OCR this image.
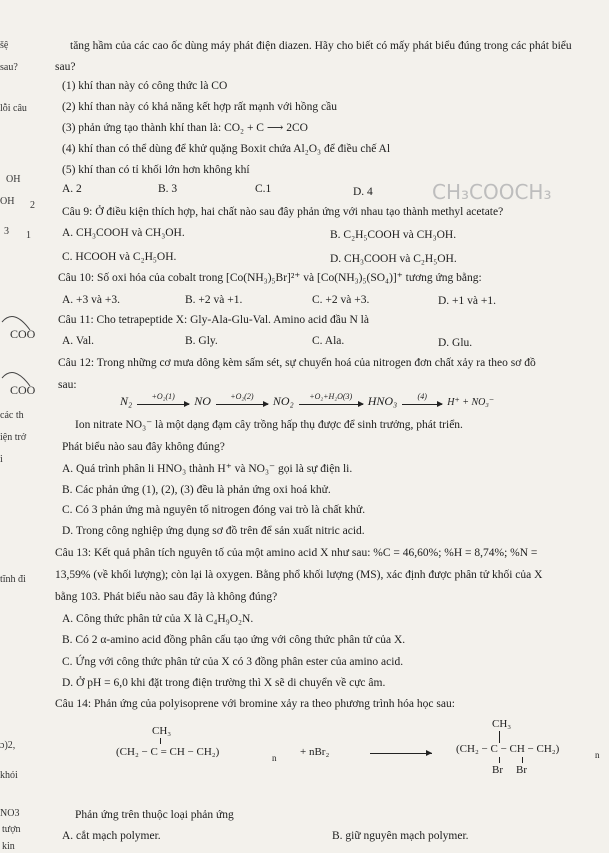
šệ
sau?
lỗi câu
OH
OH 2
3 1
COO
COO
các th
iện trở
i
tĩnh đi
ɔ)2,
khói
NO3
tượn
kin
tăng hầm của các cao ốc dùng máy phát điện diazen. Hãy cho biết có mấy phát biểu đúng trong các phát biểu
sau?
(1) khí than này có công thức là CO
(2) khí than này có khả năng kết hợp rất mạnh với hồng cầu
(3) phản ứng tạo thành khí than là: CO₂ + C ⟶ 2CO
(4) khí than có thể dùng để khử quặng Boxit chứa Al₂O₃ để điều chế Al
(5) khí than có tỉ khối lớn hơn không khí
A. 2	B. 3	C.1	D. 4	CH₃COOCH₃
Câu 9: Ở điều kiện thích hợp, hai chất nào sau đây phản ứng với nhau tạo thành methyl acetate?
A. CH₃COOH và CH₃OH.	B. C₂H₅COOH và CH₃OH.
C. HCOOH và C₂H₅OH.	D. CH₃COOH và C₂H₅OH.
Câu 10: Số oxi hóa của cobalt trong [Co(NH₃)₅Br]²⁺ và [Co(NH₃)₅(SO₄)]⁺ tương ứng bằng:
A. +3 và +3.	B. +2 và +1.	C. +2 và +3.	D. +1 và +1.
Câu 11: Cho tetrapeptide X: Gly-Ala-Glu-Val. Amino acid đầu N là
A. Val.	B. Gly.	C. Ala.	D. Glu.
Câu 12: Trong những cơ mưa dông kèm sấm sét, sự chuyển hoá của nitrogen đơn chất xảy ra theo sơ đồ
sau:
N₂	+O₂(1)	NO	+O₂(2)	NO₂	+O₂+H₂O(3)	HNO₃	(4)
H⁺ + NO₃⁻
Ion nitrate NO₃⁻ là một dạng đạm cây trồng hấp thụ được để sinh trưởng, phát triển.
Phát biểu nào sau đây không đúng?
A. Quá trình phân li HNO₃ thành H⁺ và NO₃⁻ gọi là sự điện li.
B. Các phản ứng (1), (2), (3) đều là phản ứng oxi hoá khử.
C. Có 3 phản ứng mà nguyên tố nitrogen đóng vai trò là chất khử.
D. Trong công nghiệp ứng dụng sơ đồ trên để sản xuất nitric acid.
Câu 13: Kết quả phân tích nguyên tố của một amino acid X như sau: %C = 46,60%; %H = 8,74%; %N =
13,59% (về khối lượng); còn lại là oxygen. Bằng phổ khối lượng (MS), xác định được phân tử khối của X
bằng 103. Phát biểu nào sau đây là không đúng?
A. Công thức phân tử của X là C₄H₉O₂N.
B. Có 2 α-amino acid đồng phân cấu tạo ứng với công thức phân tử của X.
C. Ứng với công thức phân tử của X có 3 đồng phân ester của amino acid.
D. Ở pH = 6,0 khi đặt trong điện trường thì X sẽ di chuyển về cực âm.
Câu 14: Phản ứng của polyisoprene với bromine xảy ra theo phương trình hóa học sau:
CH₃
(CH₂ − C = CH − CH₂)	n + nBr₂
CH₃
(CH₂ − C − CH − CH₂)	n
Br Br
Phản ứng trên thuộc loại phản ứng
A. cắt mạch polymer.	B. giữ nguyên mạch polymer.
